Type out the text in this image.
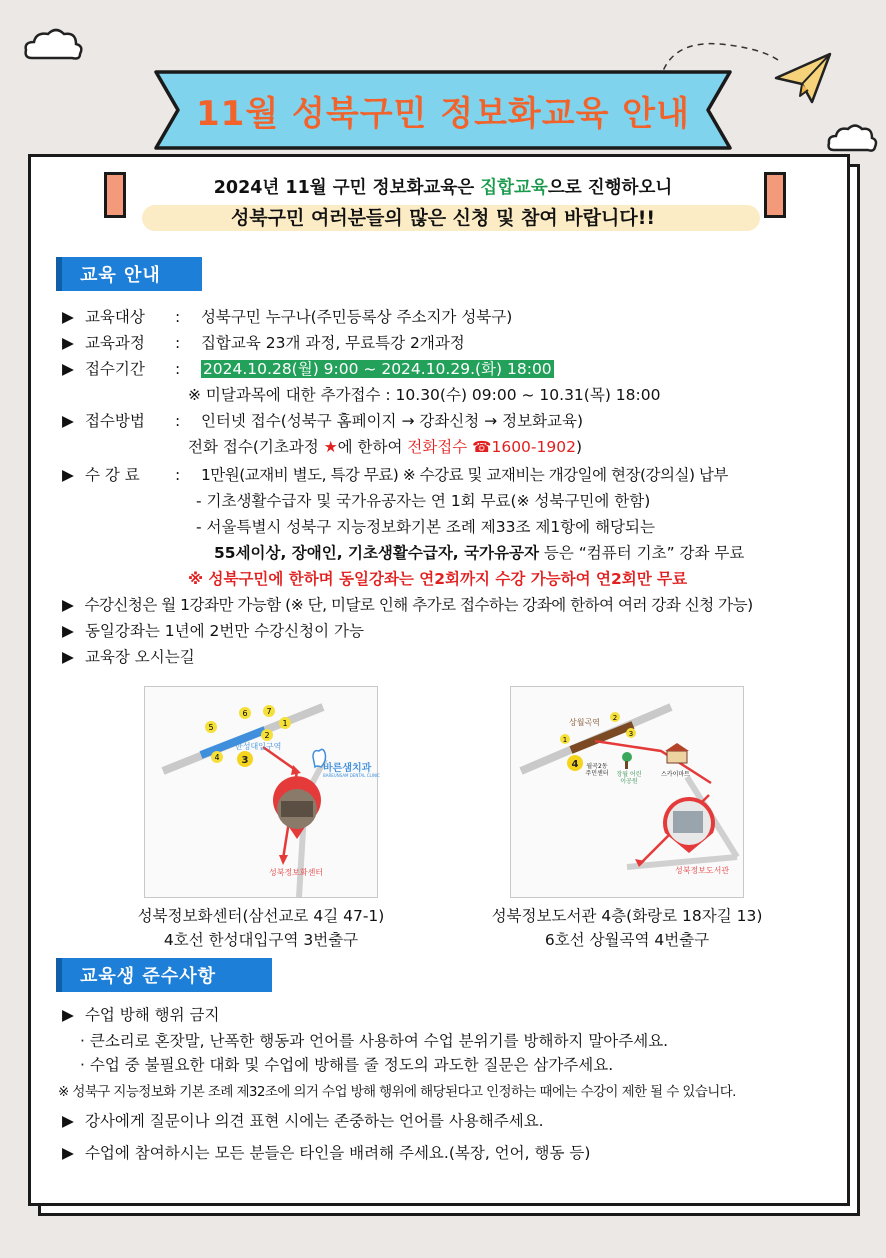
11월 성북구민 정보화교육 안내
2024년 11월 구민 정보화교육은 집합교육으로 진행하오니
성북구민 여러분들의 많은 신청 및 참여 바랍니다!!
교육 안내
▶ 교육대상 : 성북구민 누구나(주민등록상 주소지가 성북구)
▶ 교육과정 : 집합교육 23개 과정, 무료특강 2개과정
▶ 접수기간 : 2024.10.28(월) 9:00 ~ 2024.10.29.(화) 18:00
※ 미달과목에 대한 추가접수 : 10.30(수) 09:00 ~ 10.31(목) 18:00
▶ 접수방법 : 인터넷 접수(성북구 홈페이지 → 강좌신청 → 정보화교육)
전화 접수(기초과정 ★에 한하여 전화접수 ☎1600-1902)
▶ 수 강 료 : 1만원(교재비 별도, 특강 무료) ※ 수강료 및 교재비는 개강일에 현장(강의실) 납부
- 기초생활수급자 및 국가유공자는 연 1회 무료(※ 성북구민에 한함)
- 서울특별시 성북구 지능정보화기본 조례 제33조 제1항에 해당되는
55세이상, 장애인, 기초생활수급자, 국가유공자 등은 “컴퓨터 기초” 강좌 무료
※ 성북구민에 한하며 동일강좌는 연2회까지 수강 가능하여 연2회만 무료
▶ 수강신청은 월 1강좌만 가능함 (※ 단, 미달로 인해 추가로 접수하는 강좌에 한하여 여러 강좌 신청 가능)
▶ 동일강좌는 1년에 2번만 수강신청이 가능
▶ 교육장 오시는길
3
5
6 7
1
2
4
한성대입구역
바른샘치과
BAREUNSAM DENTAL CLINIC
성북정보화센터
성북정보화센터(삼선교로 4길 47-1)
4호선 한성대입구역 3번출구
4
1
2
3
상월곡역
월곡2동 주민센터	장월 어린이공원
스카이마트
성북정보도서관
성북정보도서관 4층(화랑로 18자길 13)
6호선 상월곡역 4번출구
교육생 준수사항
▶ 수업 방해 행위 금지
· 큰소리로 혼잣말, 난폭한 행동과 언어를 사용하여 수업 분위기를 방해하지 말아주세요.
· 수업 중 불필요한 대화 및 수업에 방해를 줄 정도의 과도한 질문은 삼가주세요.
※ 성북구 지능정보화 기본 조례 제32조에 의거 수업 방해 행위에 해당된다고 인정하는 때에는 수강이 제한 될 수 있습니다.
▶ 강사에게 질문이나 의견 표현 시에는 존중하는 언어를 사용해주세요.
▶ 수업에 참여하시는 모든 분들은 타인을 배려해 주세요.(복장, 언어, 행동 등)
